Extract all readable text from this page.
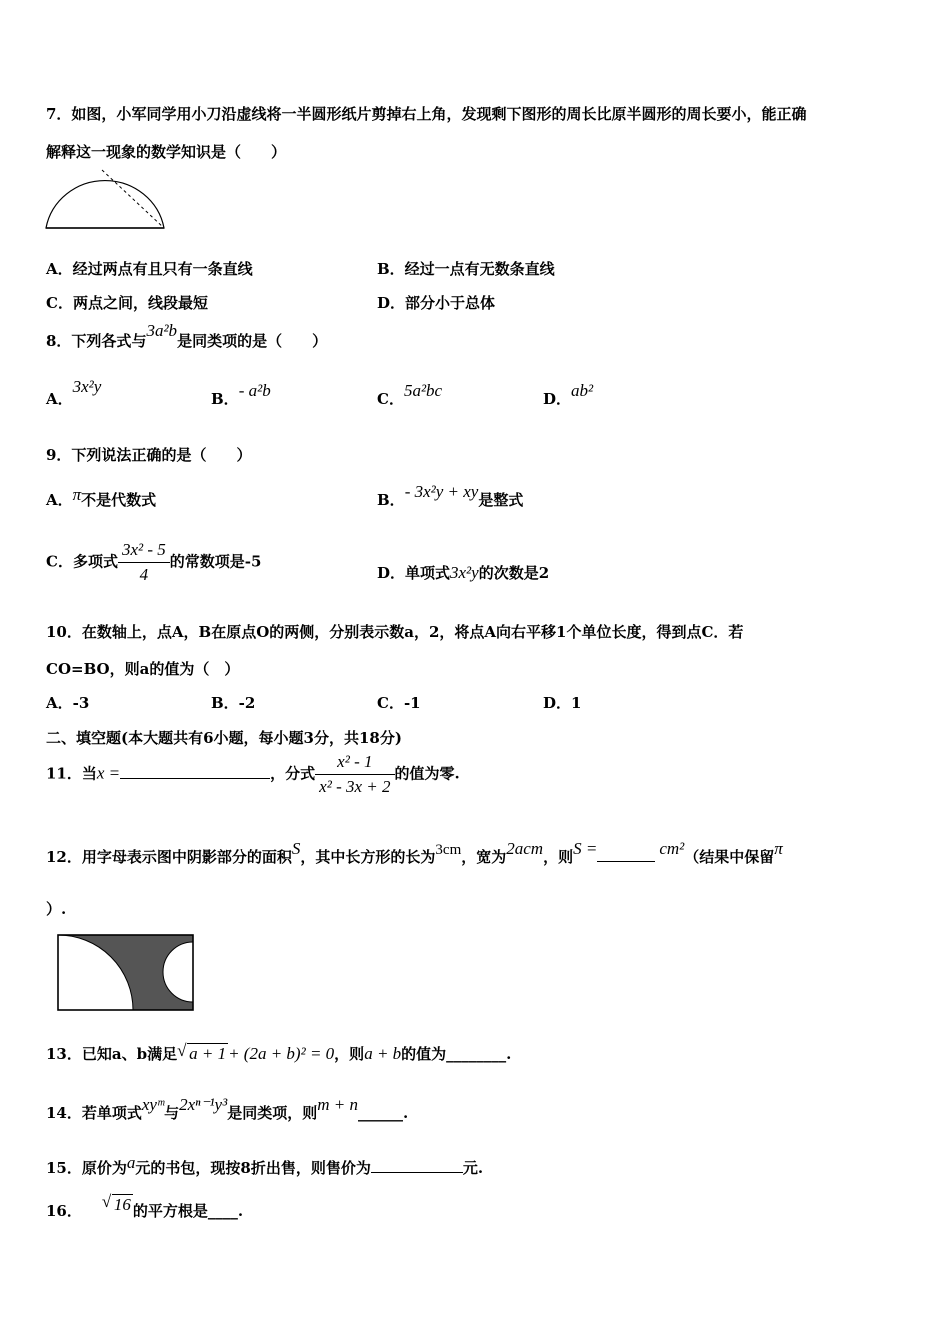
7．如图，小军同学用小刀沿虚线将一半圆形纸片剪掉右上角，发现剩下图形的周长比原半圆形的周长要小，能正确
解释这一现象的数学知识是（　　）
A．经过两点有且只有一条直线	B．经过一点有无数条直线
C．两点之间，线段最短	D．部分小于总体
8．下列各式与3a²b是同类项的是（　　）
A．3x²y
B．- a²b	C．5a²bc	D．ab²
9．下列说法正确的是（　　）
A．π不是代数式	B．- 3x²y + xy是整式
C．多项式 $\frac{\text{3x² - 5}}{4}$ 的常数项是-5
D．单项式3x²y的次数是2
10．在数轴上，点A，B在原点O的两侧，分别表示数a，2，将点A向右平移1个单位长度，得到点C．若
CO=BO，则a的值为（　）
A．-3	B．-2	C．-1	D．1
二、填空题(本大题共有6小题，每小题3分，共18分)
11．当x =	，分式 $\frac{\text{x² - 1}}{\text{x² - 3x + 2}}$ 的值为零.
12．用字母表示图中阴影部分的面积S，其中长方形的长为3cm，宽为2acm，则S =	cm²（结果中保留π
）.
13．已知a、b满足 √ a + 1 + (2a + b)² = 0，则a + b的值为________.
14．若单项式xyᵐ与2xⁿ⁻¹y³是同类项，则m + n______.
15．原价为a元的书包，现按8折出售，则售价为	元.
16． √ 16 的平方根是____.
